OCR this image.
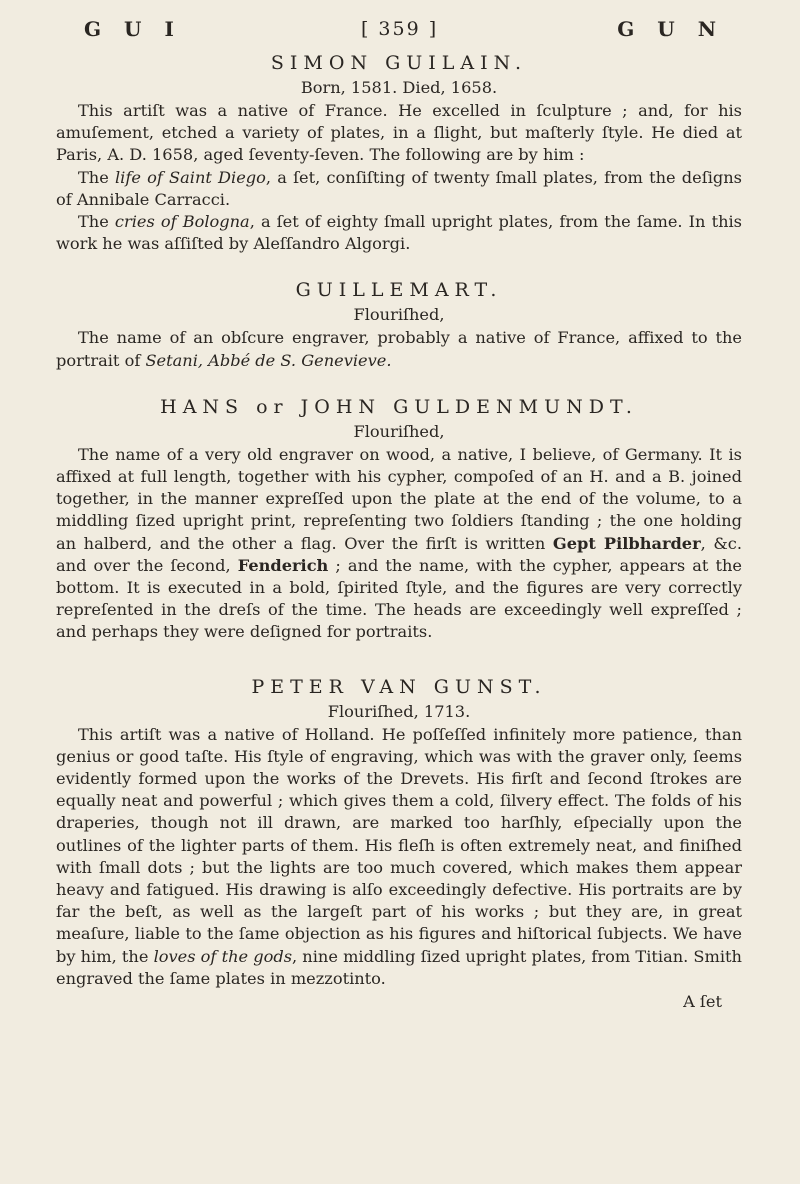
G U I	[ 359 ]	G U N

SIMON GUILAIN.

Born, 1581. Died, 1658.

This artiſt was a native of France. He excelled in ſculpture ; and, for his amuſement, etched a variety of plates, in a ſlight, but maſterly ſtyle. He died at Paris, A. D. 1658, aged ſeventy-ſeven. The following are by him :

The life of Saint Diego, a ſet, conſiſting of twenty ſmall plates, from the deſigns of Annibale Carracci.

The cries of Bologna, a ſet of eighty ſmall upright plates, from the ſame. In this work he was aſſiſted by Aleſſandro Algorgi.

GUILLEMART.

Flouriſhed,

The name of an obſcure engraver, probably a native of France, affixed to the portrait of Setani, Abbé de S. Genevieve.

HANS or JOHN GULDENMUNDT.

Flouriſhed,

The name of a very old engraver on wood, a native, I believe, of Germany. It is affixed at full length, together with his cypher, compoſed of an H. and a B. joined together, in the manner expreſſed upon the plate at the end of the volume, to a middling ſized upright print, repreſenting two ſoldiers ſtanding ; the one holding an halberd, and the other a flag. Over the firſt is written Gept Pilbharder, &c. and over the ſecond, Fenderich ; and the name, with the cypher, appears at the bottom. It is executed in a bold, ſpirited ſtyle, and the figures are very correctly repreſented in the dreſs of the time. The heads are exceedingly well expreſſed ; and perhaps they were deſigned for portraits.

PETER VAN GUNST.

Flouriſhed, 1713.

This artiſt was a native of Holland. He poſſeſſed infinitely more patience, than genius or good taſte. His ſtyle of engraving, which was with the graver only, ſeems evidently formed upon the works of the Drevets. His firſt and ſecond ſtrokes are equally neat and powerful ; which gives them a cold, ſilvery effect. The folds of his draperies, though not ill drawn, are marked too harſhly, eſpecially upon the outlines of the lighter parts of them. His fleſh is often extremely neat, and finiſhed with ſmall dots ; but the lights are too much covered, which makes them appear heavy and fatigued. His drawing is alſo exceedingly defective. His portraits are by far the beſt, as well as the largeſt part of his works ; but they are, in great meaſure, liable to the ſame objection as his figures and hiſtorical ſubjects. We have by him, the loves of the gods, nine middling ſized upright plates, from Titian. Smith engraved the ſame plates in mezzotinto.

A ſet
